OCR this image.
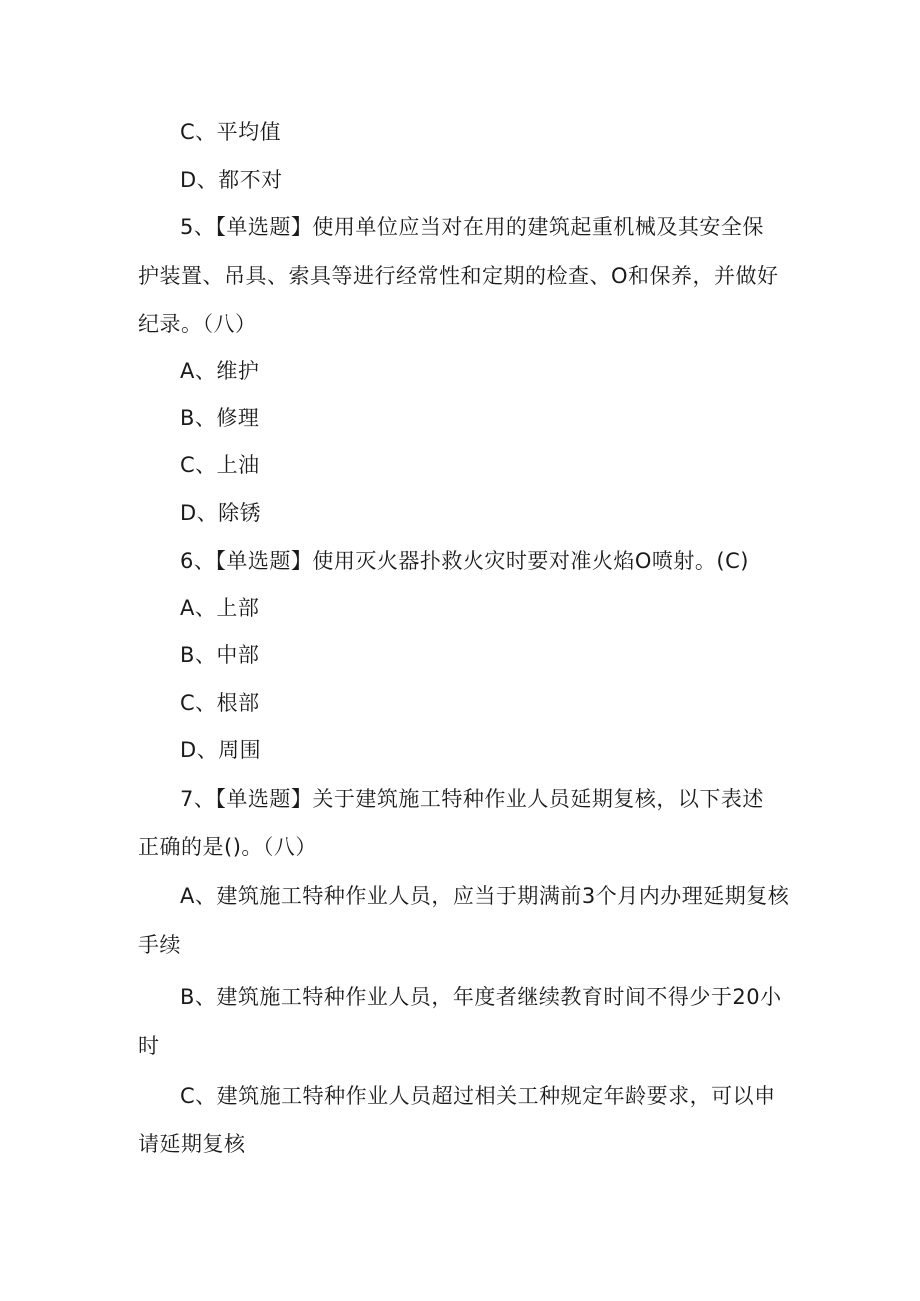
C、平均值
D、都不对
5、【单选题】使用单位应当对在用的建筑起重机械及其安全保
护装置、吊具、索具等进行经常性和定期的检查、O和保养，并做好
纪录。（八）
A、维护
B、修理
C、上油
D、除锈
6、【单选题】使用灭火器扑救火灾时要对准火焰O喷射。(C)
A、上部
B、中部
C、根部
D、周围
7、【单选题】关于建筑施工特种作业人员延期复核，以下表述
正确的是()。（八）
A、建筑施工特种作业人员，应当于期满前3个月内办理延期复核
手续
B、建筑施工特种作业人员，年度者继续教育时间不得少于20小
时
C、建筑施工特种作业人员超过相关工种规定年龄要求，可以申
请延期复核
